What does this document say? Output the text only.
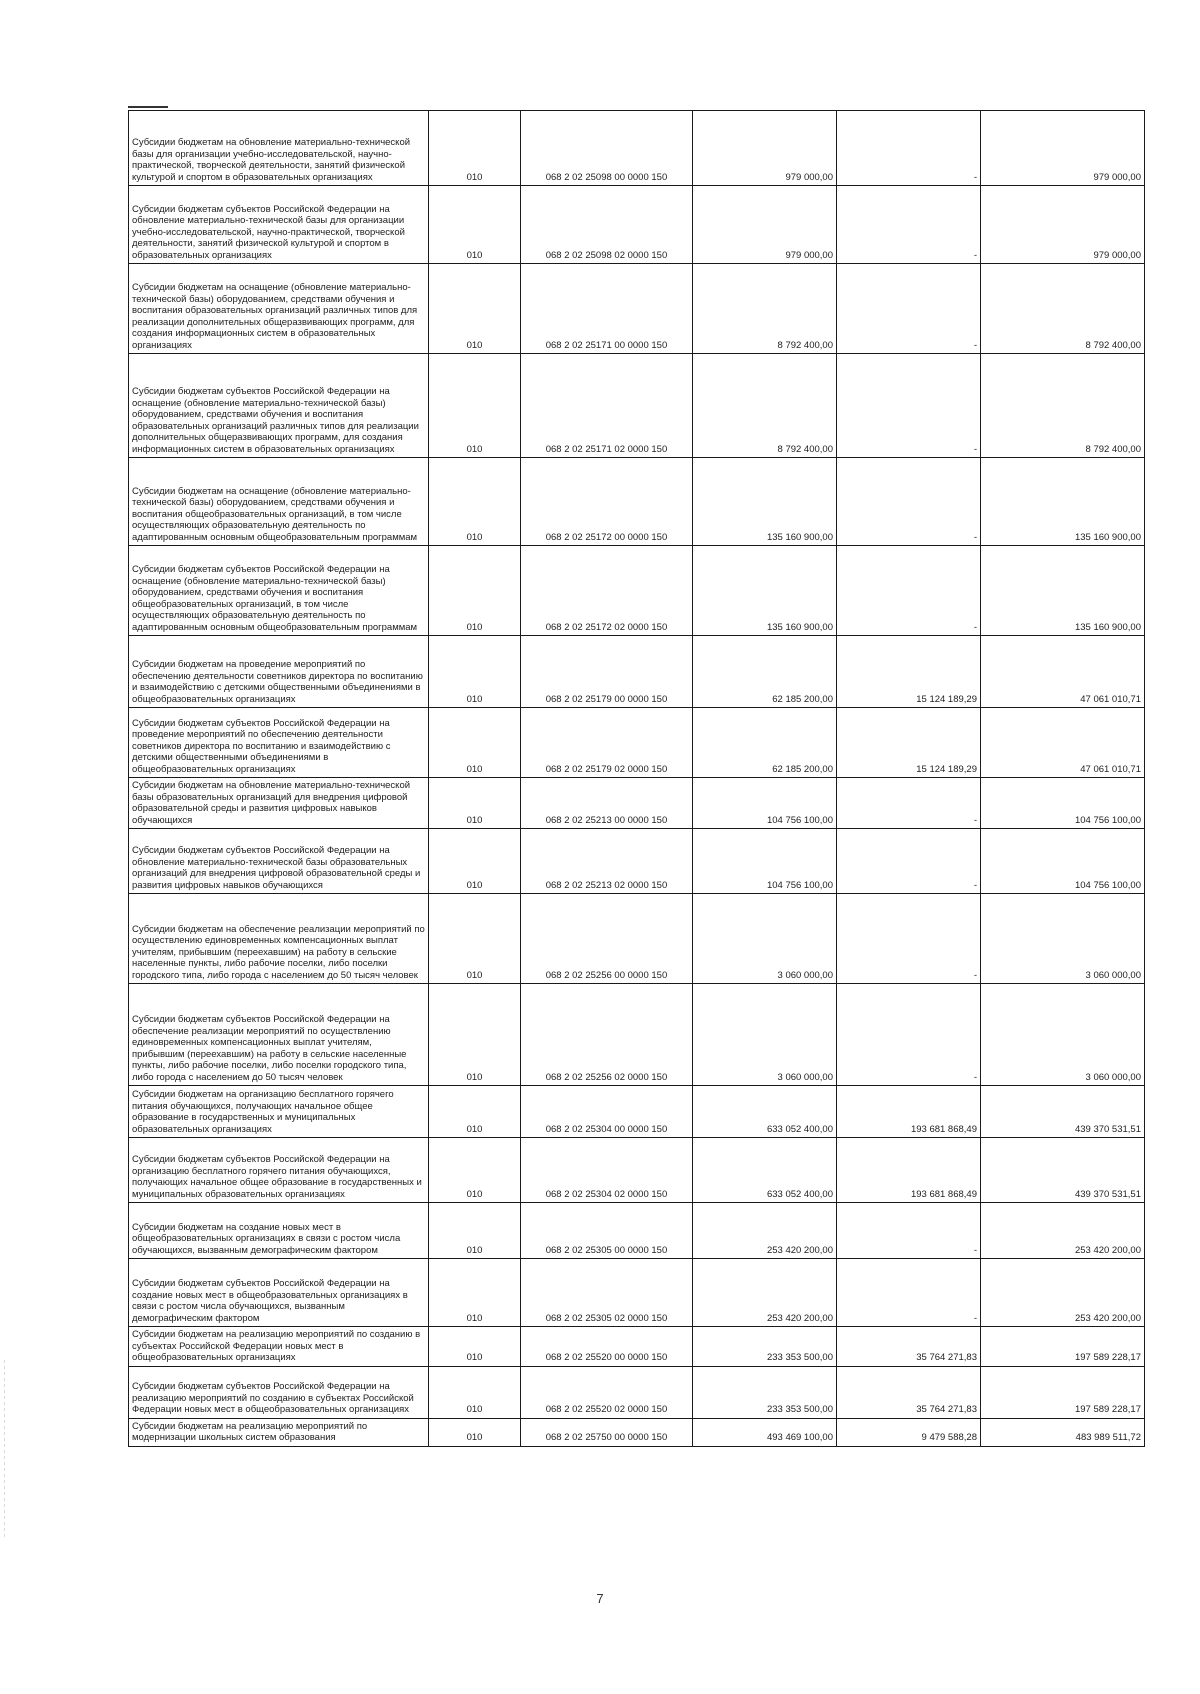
Субсидии бюджетам на обновление материально-технической базы для организации учебно-исследовательской, научно-практической, творческой деятельности, занятий физической культурой и спортом в образовательных организациях	010	068 2 02 25098 00 0000 150	979 000,00	-	979 000,00
Субсидии бюджетам субъектов Российской Федерации на обновление материально-технической базы для организации учебно-исследовательской, научно-практической, творческой деятельности, занятий физической культурой и спортом в образовательных организациях	010	068 2 02 25098 02 0000 150	979 000,00	-	979 000,00
Субсидии бюджетам на оснащение (обновление материально-технической базы) оборудованием, средствами обучения и воспитания образовательных организаций различных типов для реализации дополнительных общеразвивающих программ, для создания информационных систем в образовательных организациях	010	068 2 02 25171 00 0000 150	8 792 400,00	-	8 792 400,00
Субсидии бюджетам субъектов Российской Федерации на оснащение (обновление материально-технической базы) оборудованием, средствами обучения и воспитания образовательных организаций различных типов для реализации дополнительных общеразвивающих программ, для создания информационных систем в образовательных организациях	010	068 2 02 25171 02 0000 150	8 792 400,00	-	8 792 400,00
Субсидии бюджетам на оснащение (обновление материально-технической базы) оборудованием, средствами обучения и воспитания общеобразовательных организаций, в том числе осуществляющих образовательную деятельность по адаптированным основным общеобразовательным программам	010	068 2 02 25172 00 0000 150	135 160 900,00	-	135 160 900,00
Субсидии бюджетам субъектов Российской Федерации на оснащение (обновление материально-технической базы) оборудованием, средствами обучения и воспитания общеобразовательных организаций, в том числе осуществляющих образовательную деятельность по адаптированным основным общеобразовательным программам	010	068 2 02 25172 02 0000 150	135 160 900,00	-	135 160 900,00
Субсидии бюджетам на проведение мероприятий по обеспечению деятельности советников директора по воспитанию и взаимодействию с детскими общественными объединениями в общеобразовательных организациях	010	068 2 02 25179 00 0000 150	62 185 200,00	15 124 189,29	47 061 010,71
Субсидии бюджетам субъектов Российской Федерации на проведение мероприятий по обеспечению деятельности советников директора по воспитанию и взаимодействию с детскими общественными объединениями в общеобразовательных организациях	010	068 2 02 25179 02 0000 150	62 185 200,00	15 124 189,29	47 061 010,71
Субсидии бюджетам на обновление материально-технической базы образовательных организаций для внедрения цифровой образовательной среды и развития цифровых навыков обучающихся	010	068 2 02 25213 00 0000 150	104 756 100,00	-	104 756 100,00
Субсидии бюджетам субъектов Российской Федерации на обновление материально-технической базы образовательных организаций для внедрения цифровой образовательной среды и развития цифровых навыков обучающихся	010	068 2 02 25213 02 0000 150	104 756 100,00	-	104 756 100,00
Субсидии бюджетам на обеспечение реализации мероприятий по осуществлению единовременных компенсационных выплат учителям, прибывшим (переехавшим) на работу в сельские населенные пункты, либо рабочие поселки, либо поселки городского типа, либо города с населением до 50 тысяч человек	010	068 2 02 25256 00 0000 150	3 060 000,00	-	3 060 000,00
Субсидии бюджетам субъектов Российской Федерации на обеспечение реализации мероприятий по осуществлению единовременных компенсационных выплат учителям, прибывшим (переехавшим) на работу в сельские населенные пункты, либо рабочие поселки, либо поселки городского типа, либо города с населением до 50 тысяч человек	010	068 2 02 25256 02 0000 150	3 060 000,00	-	3 060 000,00
Субсидии бюджетам на организацию бесплатного горячего питания обучающихся, получающих начальное общее образование в государственных и муниципальных образовательных организациях	010	068 2 02 25304 00 0000 150	633 052 400,00	193 681 868,49	439 370 531,51
Субсидии бюджетам субъектов Российской Федерации на организацию бесплатного горячего питания обучающихся, получающих начальное общее образование в государственных и муниципальных образовательных организациях	010	068 2 02 25304 02 0000 150	633 052 400,00	193 681 868,49	439 370 531,51
Субсидии бюджетам на создание новых мест в общеобразовательных организациях в связи с ростом числа обучающихся, вызванным демографическим фактором	010	068 2 02 25305 00 0000 150	253 420 200,00	-	253 420 200,00
Субсидии бюджетам субъектов Российской Федерации на создание новых мест в общеобразовательных организациях в связи с ростом числа обучающихся, вызванным демографическим фактором	010	068 2 02 25305 02 0000 150	253 420 200,00	-	253 420 200,00
Субсидии бюджетам на реализацию мероприятий по созданию в субъектах Российской Федерации новых мест в общеобразовательных организациях	010	068 2 02 25520 00 0000 150	233 353 500,00	35 764 271,83	197 589 228,17
Субсидии бюджетам субъектов Российской Федерации на реализацию мероприятий по созданию в субъектах Российской Федерации новых мест в общеобразовательных организациях	010	068 2 02 25520 02 0000 150	233 353 500,00	35 764 271,83	197 589 228,17
Субсидии бюджетам на реализацию мероприятий по модернизации школьных систем образования	010	068 2 02 25750 00 0000 150	493 469 100,00	9 479 588,28	483 989 511,72
7
